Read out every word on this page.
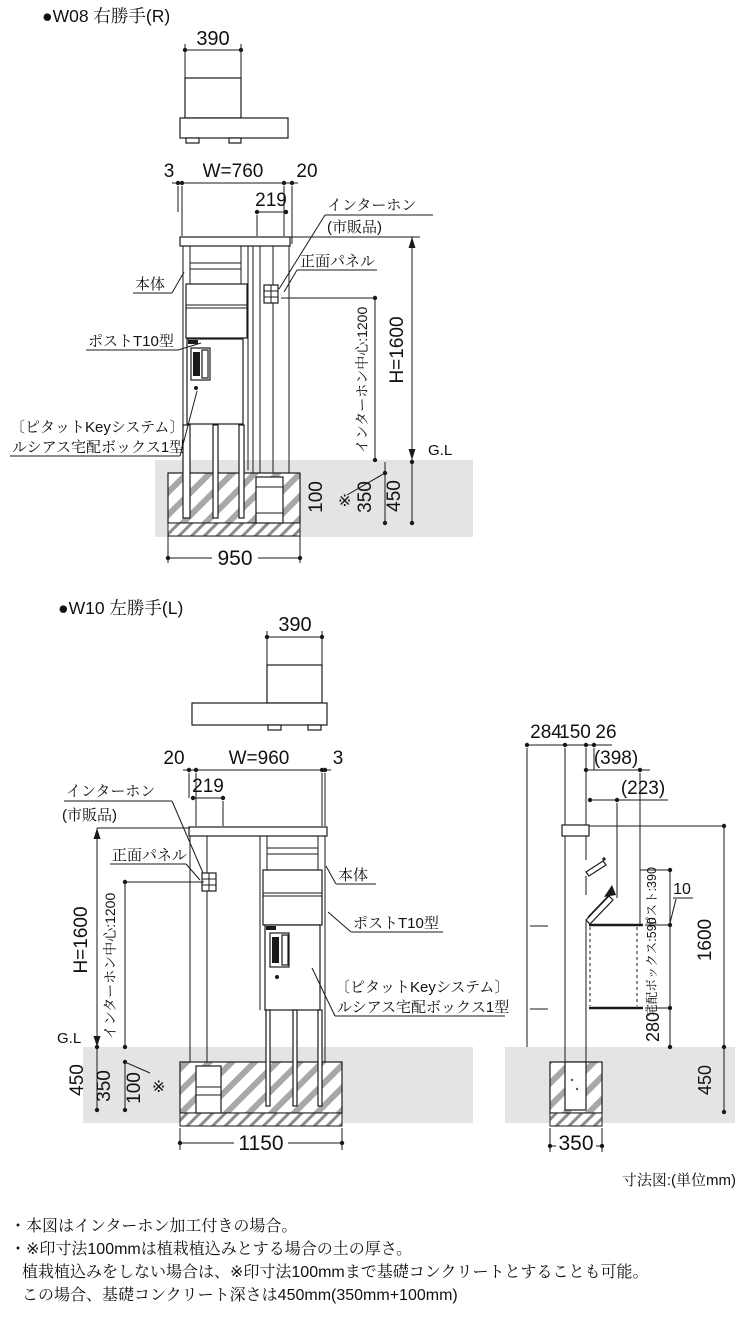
●W08 右勝手(R)
390
3 W=760 20
219
本体
ポストT10型
〔ピタットKeyシステム〕
ルシアス宅配ボックス1型
インターホン
(市販品)
正面パネル
インターホン中心:1200 H=1600
G.L
100 ※ 350 450
950
●W10 左勝手(L)
390
20 W=960 3
219
インターホン
(市販品)
正面パネル
本体
ポストT10型
〔ピタットKeyシステム〕
ルシアス宅配ボックス1型
H=1600 インターホン中心:1200
G.L
450 350 100 ※
1150
284
150 26
(398)
(223)
ポスト:390
宅配ボックス:590
280
10
1600
450
350
寸法図:(単位mm)
・本図はインターホン加工付きの場合。
・※印寸法100mmは植栽植込みとする場合の土の厚さ。
植栽植込みをしない場合は、※印寸法100mmまで基礎コンクリートとすることも可能。
この場合、基礎コンクリート深さは450mm(350mm+100mm)
